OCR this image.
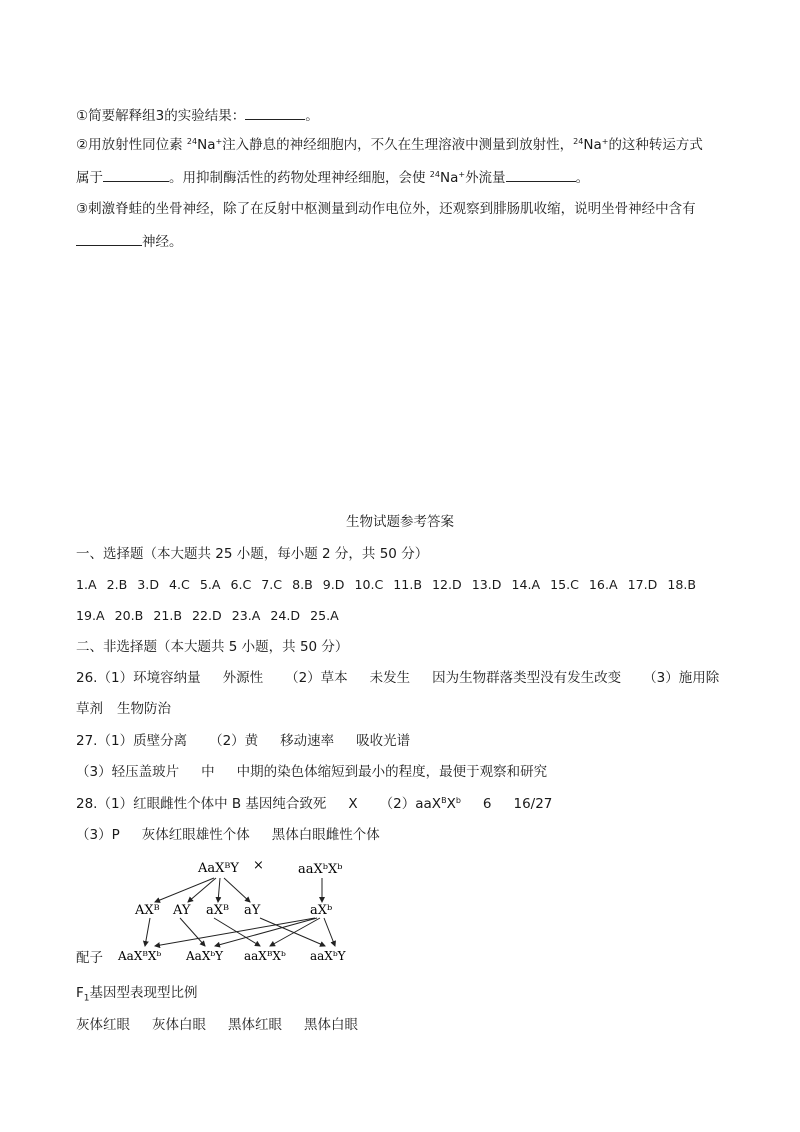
①简要解释组3的实验结果：	。
②用放射性同位素 $^{24}$Na+注入静息的神经细胞内，不久在生理溶液中测量到放射性，$^{24}$Na+的这种转运方式
属于	。用抑制酶活性的药物处理神经细胞，会使 $^{24}$Na+外流量	。
③刺激脊蛙的坐骨神经，除了在反射中枢测量到动作电位外，还观察到腓肠肌收缩，说明坐骨神经中含有
神经。
生物试题参考答案
一、选择题（本大题共 25 小题，每小题 2 分，共 50 分）
1.A 2.B 3.D 4.C 5.A 6.C 7.C 8.B 9.D 10.C 11.B 12.D 13.D 14.A 15.C 16.A 17.D 18.B
19.A 20.B 21.B 22.D 23.A 24.D 25.A
二、非选择题（本大题共 5 小题，共 50 分）
26.（1）环境容纳量 外源性 （2）草本 未发生 因为生物群落类型没有发生改变 （3）施用除
草剂 生物防治
27.（1）质壁分离 （2）黄 移动速率 吸收光谱
（3）轻压盖玻片 中 中期的染色体缩短到最小的程度，最便于观察和研究
28.（1）红眼雌性个体中 B 基因纯合致死 X $(2)aaX^BX^b$ 6 16/27
（3）P 灰体红眼雄性个体 黑体白眼雌性个体
AaXᴮY ×	aaXᵇXᵇ
AXᴮ AY aXᴮ aY	aXᵇ
AaXᴮXᵇ AaXᵇY aaXᴮXᵇ aaXᵇY
配子
$F_1$基因型表现型比例
灰体红眼 灰体白眼 黑体红眼 黑体白眼
